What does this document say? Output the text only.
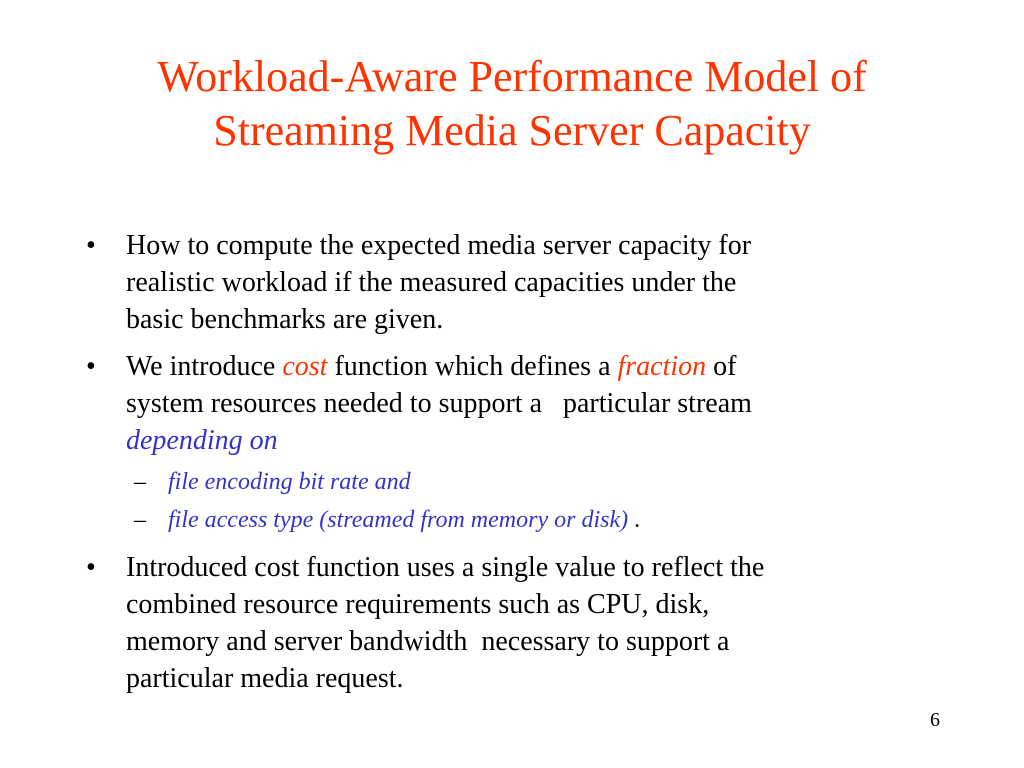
Workload-Aware Performance Model of
Streaming Media Server Capacity
• How to compute the expected media server capacity for
realistic workload if the measured capacities under the
basic benchmarks are given.
• We introduce cost function which defines a fraction of
system resources needed to support a   particular stream
depending on
– file encoding bit rate and
– file access type (streamed from memory or disk) .
• Introduced cost function uses a single value to reflect the
combined resource requirements such as CPU, disk,
memory and server bandwidth  necessary to support a
particular media request.
6
